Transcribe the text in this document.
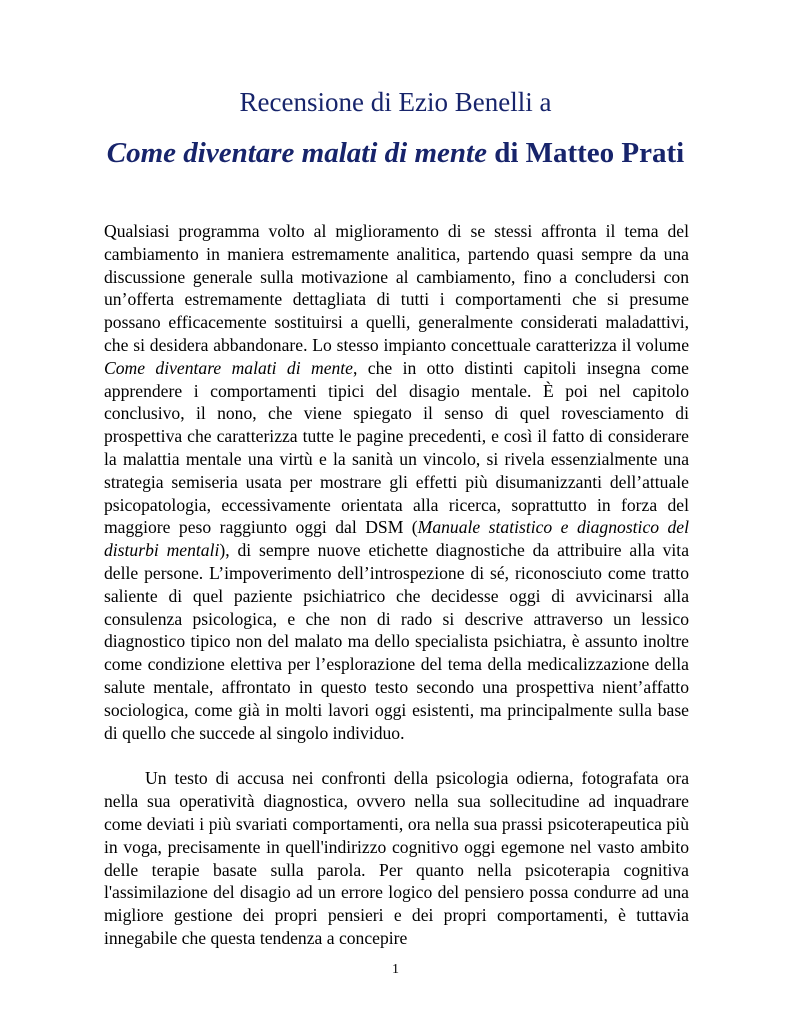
Recensione di Ezio Benelli a
Come diventare malati di mente di Matteo Prati

Qualsiasi programma volto al miglioramento di se stessi affronta il tema del cambiamento in maniera estremamente analitica, partendo quasi sempre da una discussione generale sulla motivazione al cambiamento, fino a concludersi con un’offerta estremamente dettagliata di tutti i comportamenti che si presume possano efficacemente sostituirsi a quelli, generalmente considerati maladattivi, che si desidera abbandonare. Lo stesso impianto concettuale caratterizza il volume Come diventare malati di mente, che in otto distinti capitoli insegna come apprendere i comportamenti tipici del disagio mentale. È poi nel capitolo conclusivo, il nono, che viene spiegato il senso di quel rovesciamento di prospettiva che caratterizza tutte le pagine precedenti, e così il fatto di considerare la malattia mentale una virtù e la sanità un vincolo, si rivela essenzialmente una strategia semiseria usata per mostrare gli effetti più disumanizzanti dell’attuale psicopatologia, eccessivamente orientata alla ricerca, soprattutto in forza del maggiore peso raggiunto oggi dal DSM (Manuale statistico e diagnostico del disturbi mentali), di sempre nuove etichette diagnostiche da attribuire alla vita delle persone. L’impoverimento dell’introspezione di sé, riconosciuto come tratto saliente di quel paziente psichiatrico che decidesse oggi di avvicinarsi alla consulenza psicologica, e che non di rado si descrive attraverso un lessico diagnostico tipico non del malato ma dello specialista psichiatra, è assunto inoltre come condizione elettiva per l’esplorazione del tema della medicalizzazione della salute mentale, affrontato in questo testo secondo una prospettiva nient’affatto sociologica, come già in molti lavori oggi esistenti, ma principalmente sulla base di quello che succede al singolo individuo.

Un testo di accusa nei confronti della psicologia odierna, fotografata ora nella sua operatività diagnostica, ovvero nella sua sollecitudine ad inquadrare come deviati i più svariati comportamenti, ora nella sua prassi psicoterapeutica più in voga, precisamente in quell'indirizzo cognitivo oggi egemone nel vasto ambito delle terapie basate sulla parola. Per quanto nella psicoterapia cognitiva l'assimilazione del disagio ad un errore logico del pensiero possa condurre ad una migliore gestione dei propri pensieri e dei propri comportamenti, è tuttavia innegabile che questa tendenza a concepire

1
